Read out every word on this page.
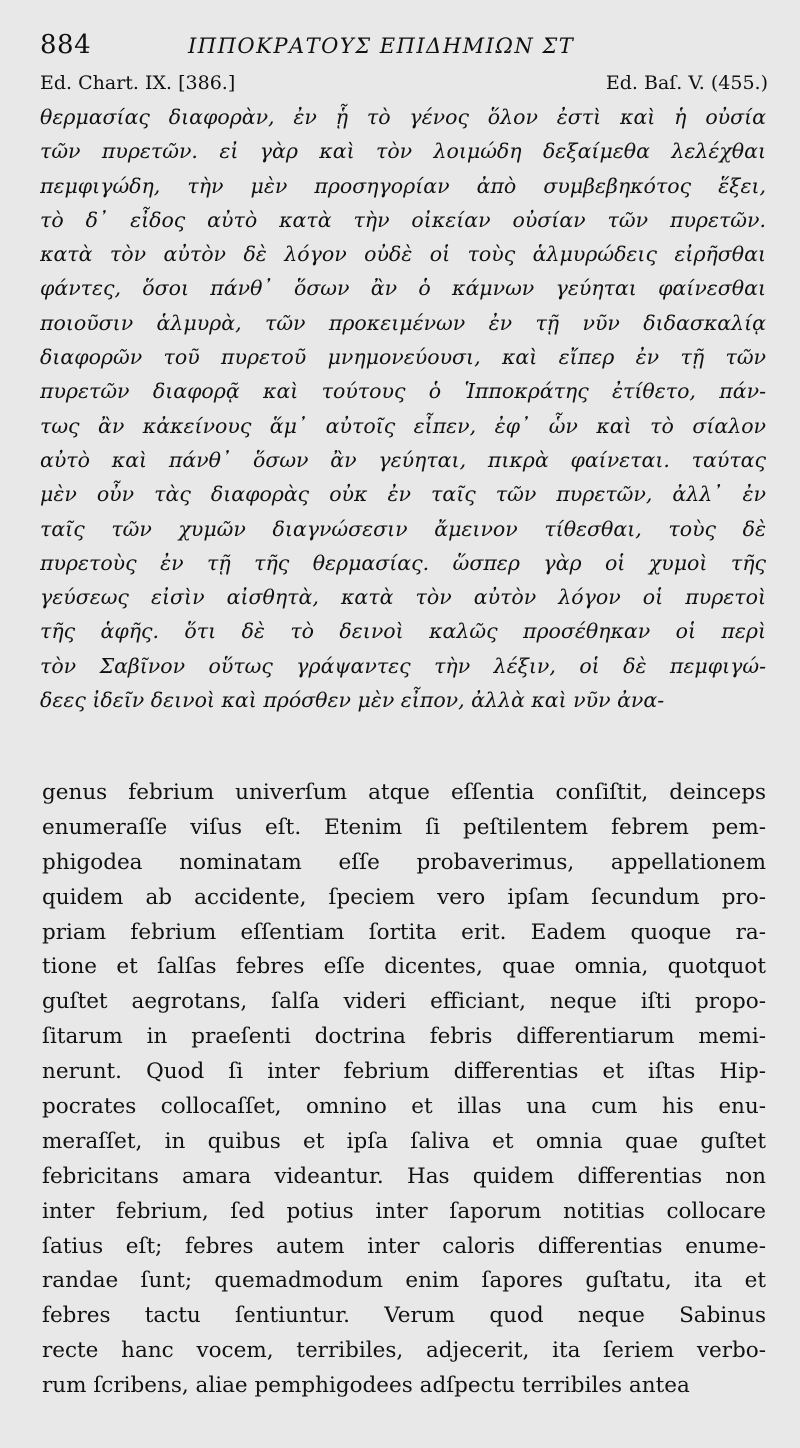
884	ΙΠΠΟΚΡΑΤΟΥΣ ΕΠΙΔΗΜΙΩΝ ΣΤ
Ed. Chart. IX. [386.]	Ed. Baſ. V. (455.)
θερμασίας διαφορὰν, ἐν ᾗ τὸ γένος ὅλον ἐστὶ καὶ ἡ οὐσία
τῶν πυρετῶν. εἰ γὰρ καὶ τὸν λοιμώδη δεξαίμεθα λελέχθαι
πεμφιγώδη, τὴν μὲν προσηγορίαν ἀπὸ συμβεβηκότος ἕξει,
τὸ δ᾽ εἶδος αὐτὸ κατὰ τὴν οἰκείαν οὐσίαν τῶν πυρετῶν.
κατὰ τὸν αὐτὸν δὲ λόγον οὐδὲ οἱ τοὺς ἁλμυρώδεις εἰρῆσθαι
φάντες, ὅσοι πάνθ᾽ ὅσων ἂν ὁ κάμνων γεύηται φαίνεσθαι
ποιοῦσιν ἁλμυρὰ, τῶν προκειμένων ἐν τῇ νῦν διδασκαλίᾳ
διαφορῶν τοῦ πυρετοῦ μνημονεύουσι, καὶ εἴπερ ἐν τῇ τῶν
πυρετῶν διαφορᾷ καὶ τούτους ὁ Ἱπποκράτης ἐτίθετο, πάν-
τως ἂν κἀκείνους ἅμ᾽ αὐτοῖς εἶπεν, ἐφ᾽ ὧν καὶ τὸ σίαλον
αὐτὸ καὶ πάνθ᾽ ὅσων ἂν γεύηται, πικρὰ φαίνεται. ταύτας
μὲν οὖν τὰς διαφορὰς οὐκ ἐν ταῖς τῶν πυρετῶν, ἀλλ᾽ ἐν
ταῖς τῶν χυμῶν διαγνώσεσιν ἄμεινον τίθεσθαι, τοὺς δὲ
πυρετοὺς ἐν τῇ τῆς θερμασίας. ὥσπερ γὰρ οἱ χυμοὶ τῆς
γεύσεως εἰσὶν αἰσθητὰ, κατὰ τὸν αὐτὸν λόγον οἱ πυρετοὶ
τῆς ἁφῆς. ὅτι δὲ τὸ δεινοὶ καλῶς προσέθηκαν οἱ περὶ
τὸν Σαβῖνον οὕτως γράψαντες τὴν λέξιν, οἱ δὲ πεμφιγώ-
δεες ἰδεῖν δεινοὶ καὶ πρόσθεν μὲν εἶπον, ἀλλὰ καὶ νῦν ἀνα-
genus febrium univerſum atque eſſentia conſiſtit, deinceps
enumeraſſe viſus eſt. Etenim ſi peſtilentem febrem pem-
phigodea nominatam eſſe probaverimus, appellationem
quidem ab accidente, ſpeciem vero ipſam ſecundum pro-
priam febrium eſſentiam ſortita erit. Eadem quoque ra-
tione et ſalſas febres eſſe dicentes, quae omnia, quotquot
guſtet aegrotans, ſalſa videri efficiant, neque iſti propo-
ſitarum in praeſenti doctrina febris differentiarum memi-
nerunt. Quod ſi inter febrium differentias et iſtas Hip-
pocrates collocaſſet, omnino et illas una cum his enu-
meraſſet, in quibus et ipſa ſaliva et omnia quae guſtet
febricitans amara videantur. Has quidem differentias non
inter febrium, ſed potius inter ſaporum notitias collocare
ſatius eſt; febres autem inter caloris differentias enume-
randae ſunt; quemadmodum enim ſapores guſtatu, ita et
febres tactu ſentiuntur. Verum quod neque Sabinus
recte hanc vocem, terribiles, adjecerit, ita ſeriem verbo-
rum ſcribens, aliae pemphigodees adſpectu terribiles antea
